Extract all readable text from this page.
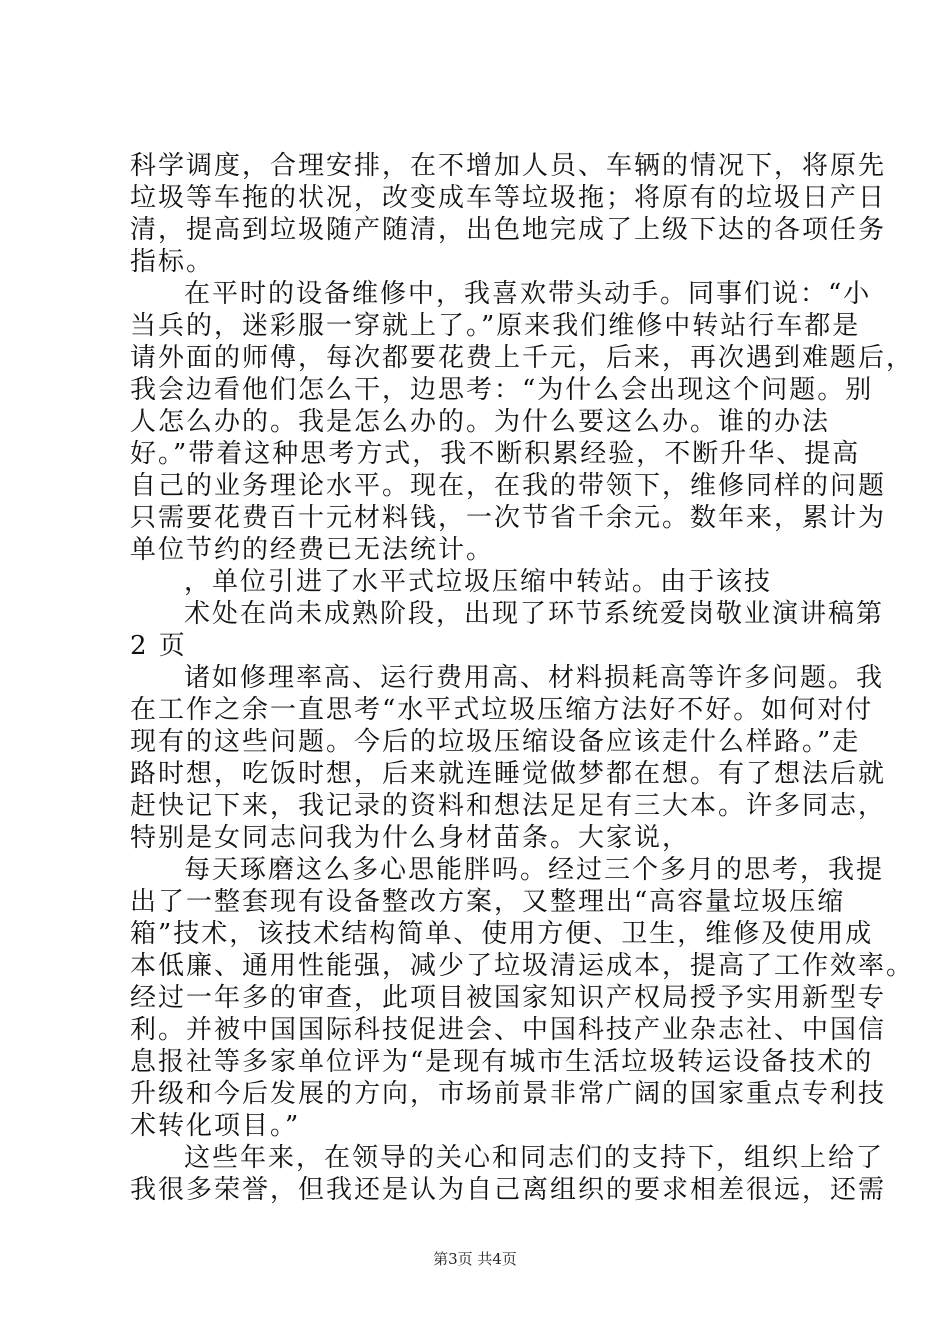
科学调度，合理安排，在不增加人员、车辆的情况下，将原先
垃圾等车拖的状况，改变成车等垃圾拖；将原有的垃圾日产日
清，提高到垃圾随产随清，出色地完成了上级下达的各项任务
指标。
在平时的设备维修中，我喜欢带头动手。同事们说：“小
当兵的，迷彩服一穿就上了。”原来我们维修中转站行车都是
请外面的师傅，每次都要花费上千元，后来，再次遇到难题后，
我会边看他们怎么干，边思考：“为什么会出现这个问题。别
人怎么办的。我是怎么办的。为什么要这么办。谁的办法
好。”带着这种思考方式，我不断积累经验，不断升华、提高
自己的业务理论水平。现在，在我的带领下，维修同样的问题
只需要花费百十元材料钱，一次节省千余元。数年来，累计为
单位节约的经费已无法统计。
，单位引进了水平式垃圾压缩中转站。由于该技
术处在尚未成熟阶段，出现了环节系统爱岗敬业演讲稿第
2 页
诸如修理率高、运行费用高、材料损耗高等许多问题。我
在工作之余一直思考“水平式垃圾压缩方法好不好。如何对付
现有的这些问题。今后的垃圾压缩设备应该走什么样路。”走
路时想，吃饭时想，后来就连睡觉做梦都在想。有了想法后就
赶快记下来，我记录的资料和想法足足有三大本。许多同志，
特别是女同志问我为什么身材苗条。大家说，
每天琢磨这么多心思能胖吗。经过三个多月的思考，我提
出了一整套现有设备整改方案，又整理出“高容量垃圾压缩
箱”技术，该技术结构简单、使用方便、卫生，维修及使用成
本低廉、通用性能强，减少了垃圾清运成本，提高了工作效率。
经过一年多的审查，此项目被国家知识产权局授予实用新型专
利。并被中国国际科技促进会、中国科技产业杂志社、中国信
息报社等多家单位评为“是现有城市生活垃圾转运设备技术的
升级和今后发展的方向，市场前景非常广阔的国家重点专利技
术转化项目。”
这些年来，在领导的关心和同志们的支持下，组织上给了
我很多荣誉，但我还是认为自己离组织的要求相差很远，还需
第3页 共4页
